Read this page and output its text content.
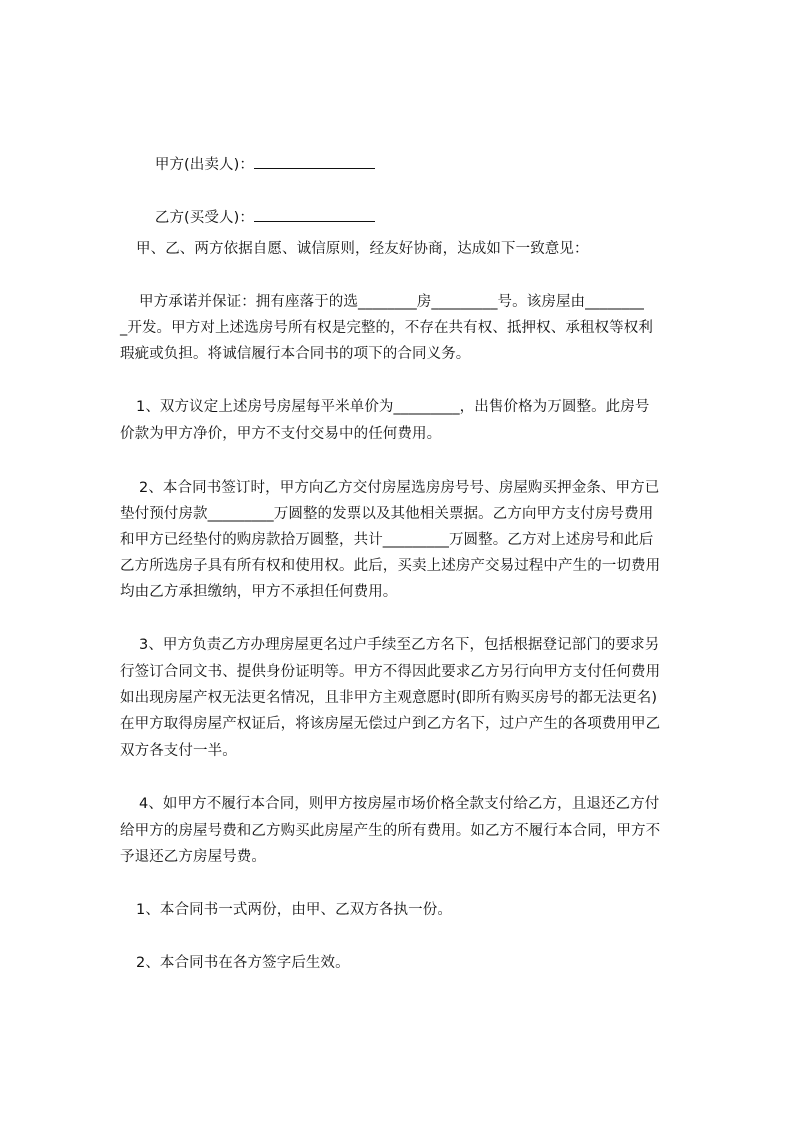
甲方(出卖人)：

乙方(买受人)：

甲、乙、两方依据自愿、诚信原则，经友好协商，达成如下一致意见：
甲方承诺并保证：拥有座落于的选________房_________号。该房屋由________
_开发。甲方对上述选房号所有权是完整的，不存在共有权、抵押权、承租权等权利
瑕疵或负担。将诚信履行本合同书的项下的合同义务。
1、双方议定上述房号房屋每平米单价为_________，出售价格为万圆整。此房号
价款为甲方净价，甲方不支付交易中的任何费用。
2、本合同书签订时，甲方向乙方交付房屋选房房号号、房屋购买押金条、甲方已
垫付预付房款_________万圆整的发票以及其他相关票据。乙方向甲方支付房号费用
和甲方已经垫付的购房款拾万圆整，共计_________万圆整。乙方对上述房号和此后
乙方所选房子具有所有权和使用权。此后，买卖上述房产交易过程中产生的一切费用
均由乙方承担缴纳，甲方不承担任何费用。
3、甲方负责乙方办理房屋更名过户手续至乙方名下，包括根据登记部门的要求另
行签订合同文书、提供身份证明等。甲方不得因此要求乙方另行向甲方支付任何费用
如出现房屋产权无法更名情况，且非甲方主观意愿时(即所有购买房号的都无法更名)
在甲方取得房屋产权证后，将该房屋无偿过户到乙方名下，过户产生的各项费用甲乙
双方各支付一半。
4、如甲方不履行本合同，则甲方按房屋市场价格全款支付给乙方，且退还乙方付
给甲方的房屋号费和乙方购买此房屋产生的所有费用。如乙方不履行本合同，甲方不
予退还乙方房屋号费。
1、本合同书一式两份，由甲、乙双方各执一份。
2、本合同书在各方签字后生效。
